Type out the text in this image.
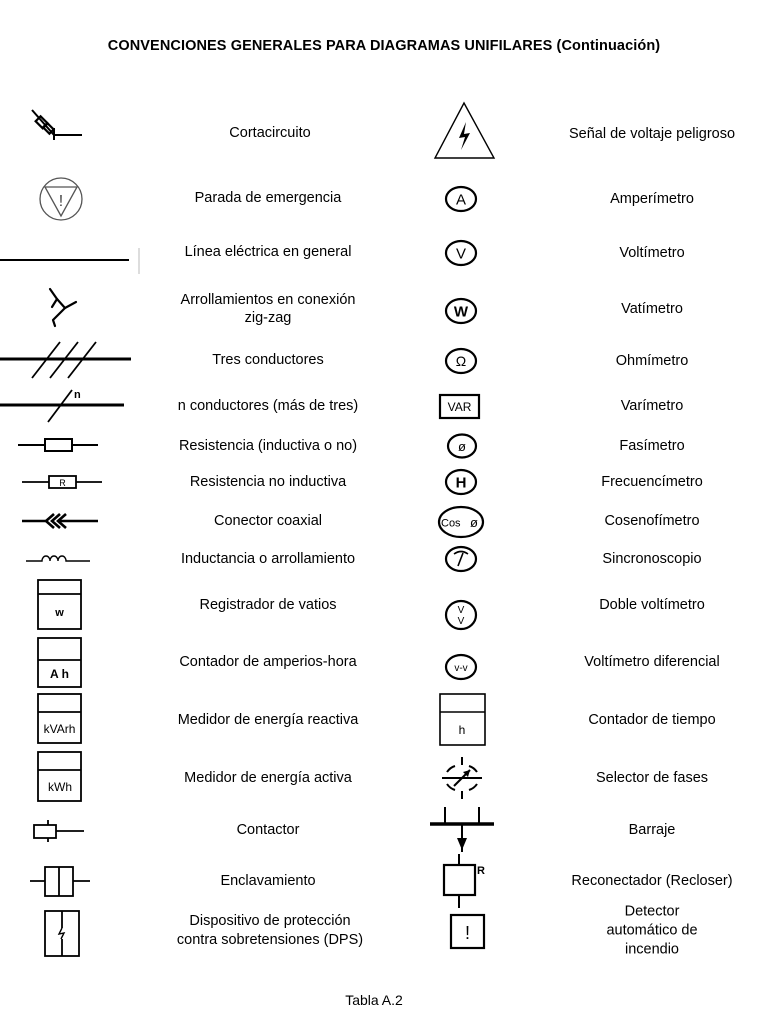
CONVENCIONES GENERALES PARA DIAGRAMAS UNIFILARES (Continuación)
Cortacircuito
Parada de emergencia
Línea eléctrica en general
Arrollamientos en conexión
zig-zag
Tres conductores
n conductores (más de tres)
Resistencia (inductiva o no)
Resistencia no inductiva
Conector coaxial
Inductancia o arrollamiento
Registrador de vatios
Contador de amperios-hora
Medidor de energía reactiva
Medidor de energía activa
Contactor
Enclavamiento
Dispositivo de protección
contra sobretensiones (DPS)
Señal de voltaje peligroso
Amperímetro
Voltímetro
Vatímetro
Ohmímetro
Varímetro
Fasímetro
Frecuencímetro
Cosenofímetro
Sincronoscopio
Doble voltímetro
Voltímetro diferencial
Contador de tiempo
Selector de fases
Barraje
Reconectador (Recloser)
Detector automático de
incendio
!
n
R
w
A h
kVArh
kWh
A
V
W
Ω
VAR
ø
H
Cos ø
V
V
v-v
h
R
!
Tabla A.2
